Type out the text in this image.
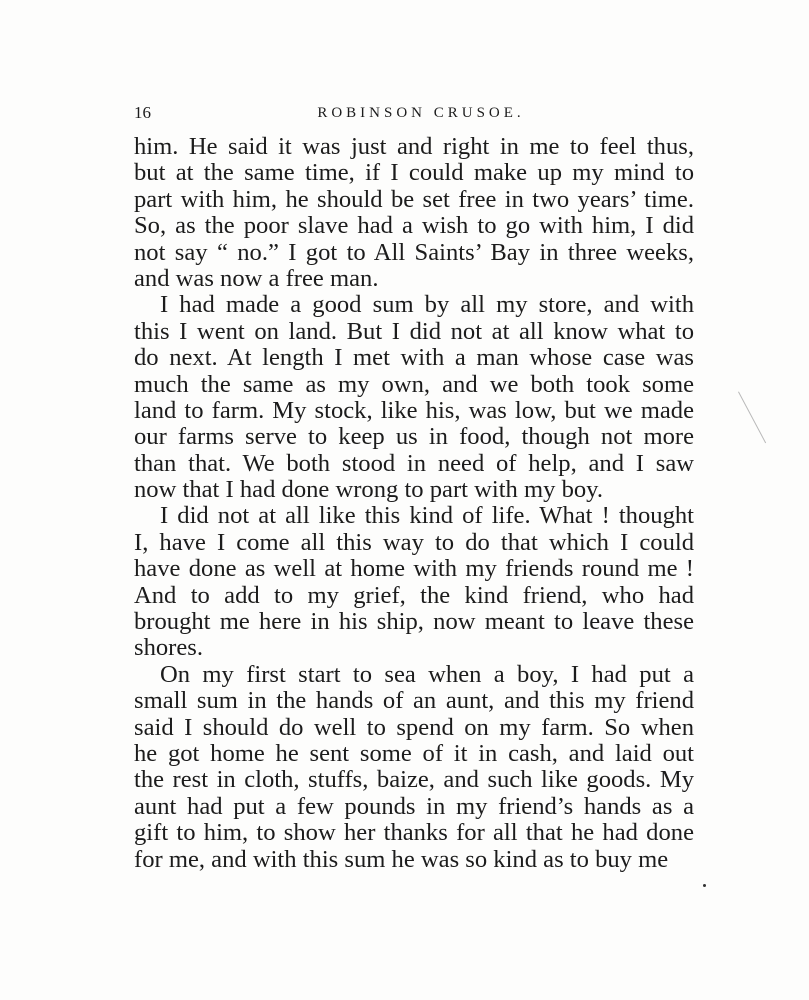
16	ROBINSON CRUSOE.

him. He said it was just and right in me to feel thus,
but at the same time, if I could make up my mind to
part with him, he should be set free in two years’ time.
So, as the poor slave had a wish to go with him, I did
not say “ no.” I got to All Saints’ Bay in three weeks,
and was now a free man.

I had made a good sum by all my store, and with
this I went on land. But I did not at all know what to
do next. At length I met with a man whose case was
much the same as my own, and we both took some
land to farm. My stock, like his, was low, but we made
our farms serve to keep us in food, though not more
than that. We both stood in need of help, and I saw
now that I had done wrong to part with my boy.

I did not at all like this kind of life. What ! thought
I, have I come all this way to do that which I could
have done as well at home with my friends round me !
And to add to my grief, the kind friend, who had
brought me here in his ship, now meant to leave these
shores.

On my first start to sea when a boy, I had put a
small sum in the hands of an aunt, and this my friend
said I should do well to spend on my farm. So when
he got home he sent some of it in cash, and laid out
the rest in cloth, stuffs, baize, and such like goods. My
aunt had put a few pounds in my friend’s hands as a
gift to him, to show her thanks for all that he had done
for me, and with this sum he was so kind as to buy me
